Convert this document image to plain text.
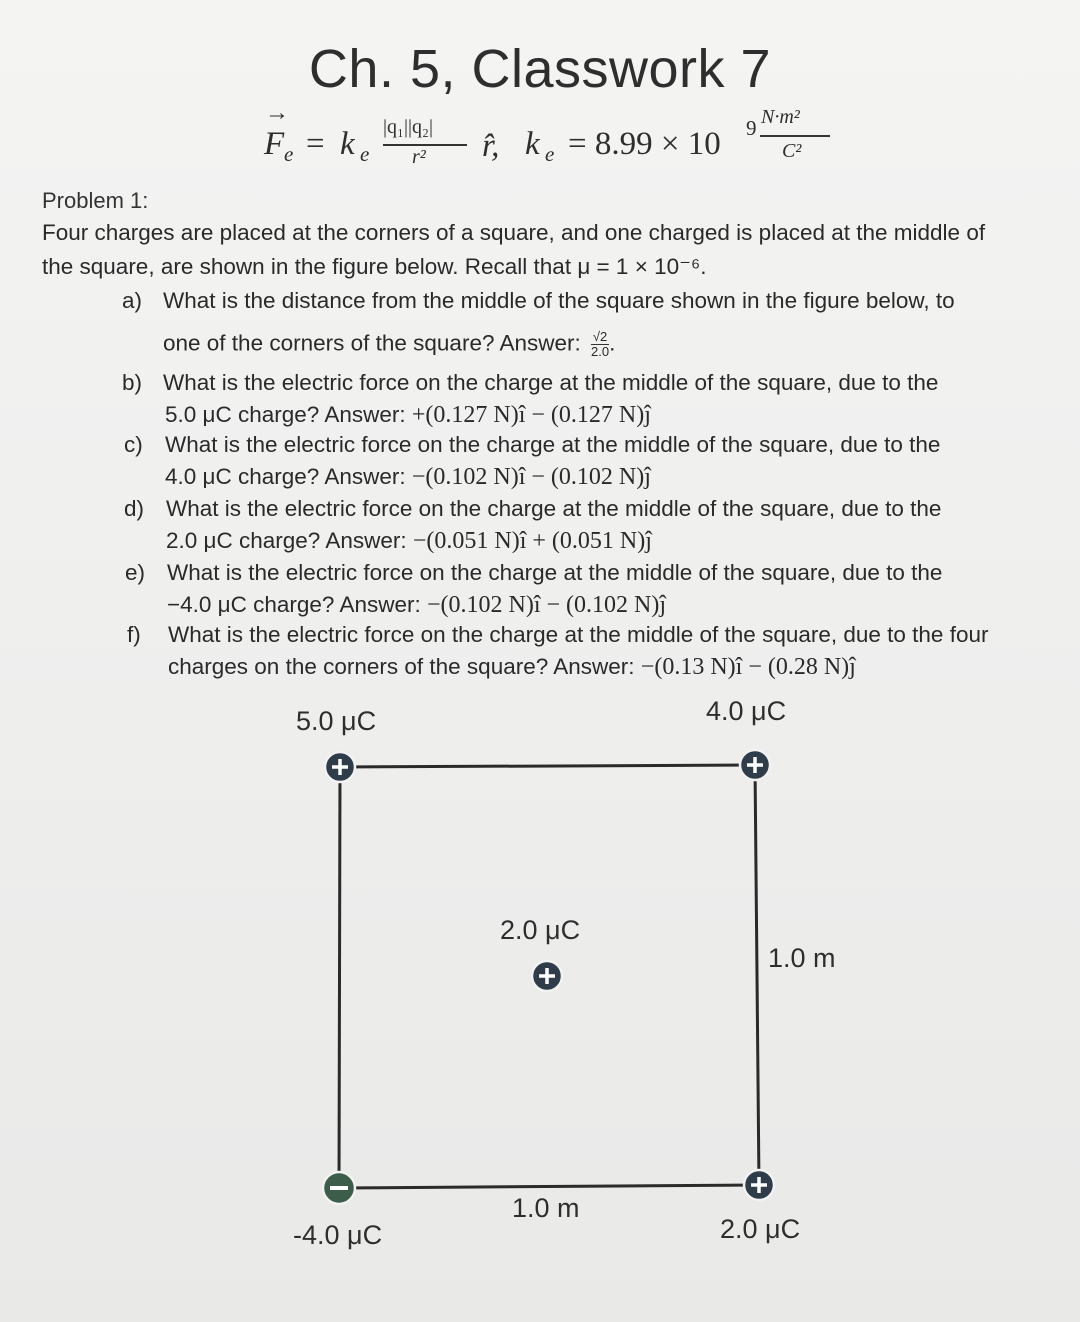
Ch. 5, Classwork 7
→
F e = k e
|q₁||q₂|
r² r̂, k e = 8.99 × 10 9 N·m²
C²
Problem 1:
Four charges are placed at the corners of a square, and one charged is placed at the middle of
the square, are shown in the figure below. Recall that μ = 1 × 10⁻⁶.
a) What is the distance from the middle of the square shown in the figure below, to
one of the corners of the square? Answer: $\frac{√2}{2.0}$ .
b) What is the electric force on the charge at the middle of the square, due to the
5.0 μC charge? Answer: +(0.127 N)î − (0.127 N)ĵ
c) What is the electric force on the charge at the middle of the square, due to the
4.0 μC charge? Answer: −(0.102 N)î − (0.102 N)ĵ
d) What is the electric force on the charge at the middle of the square, due to the
2.0 μC charge? Answer: −(0.051 N)î + (0.051 N)ĵ
e) What is the electric force on the charge at the middle of the square, due to the
−4.0 μC charge? Answer: −(0.102 N)î − (0.102 N)ĵ
f) What is the electric force on the charge at the middle of the square, due to the four
charges on the corners of the square? Answer: −(0.13 N)î − (0.28 N)ĵ
5.0 μC	4.0 μC
2.0 μC
1.0 m
1.0 m
-4.0 μC	2.0 μC
